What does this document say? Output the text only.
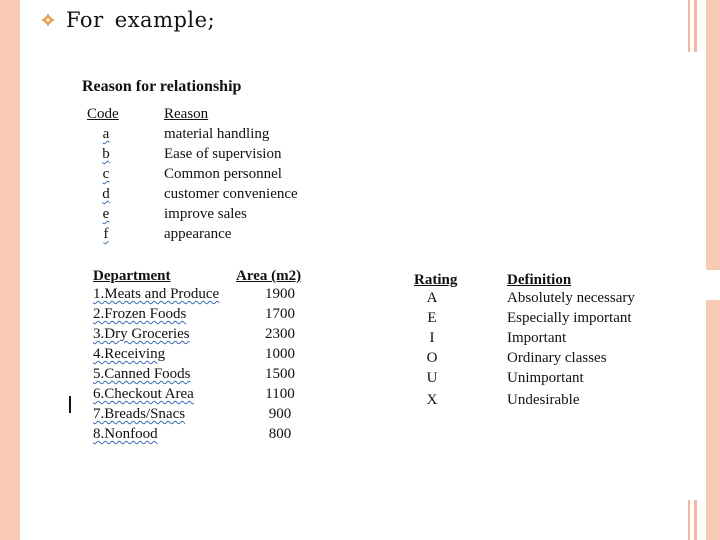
For example;
Reason for relationship
Code	Reason
a	material handling
b	Ease of supervision
c	Common personnel
d	customer convenience
e	improve sales
f	appearance
Department	Area (m2)
1.Meats and Produce	1900
2.Frozen Foods	1700
3.Dry Groceries	2300
4.Receiving	1000
5.Canned Foods	1500
6.Checkout Area	1100
7.Breads/Snacs	900
8.Nonfood	800
Rating	Definition
A	Absolutely necessary
E	Especially important
I	Important
O	Ordinary classes
U	Unimportant
X	Undesirable
